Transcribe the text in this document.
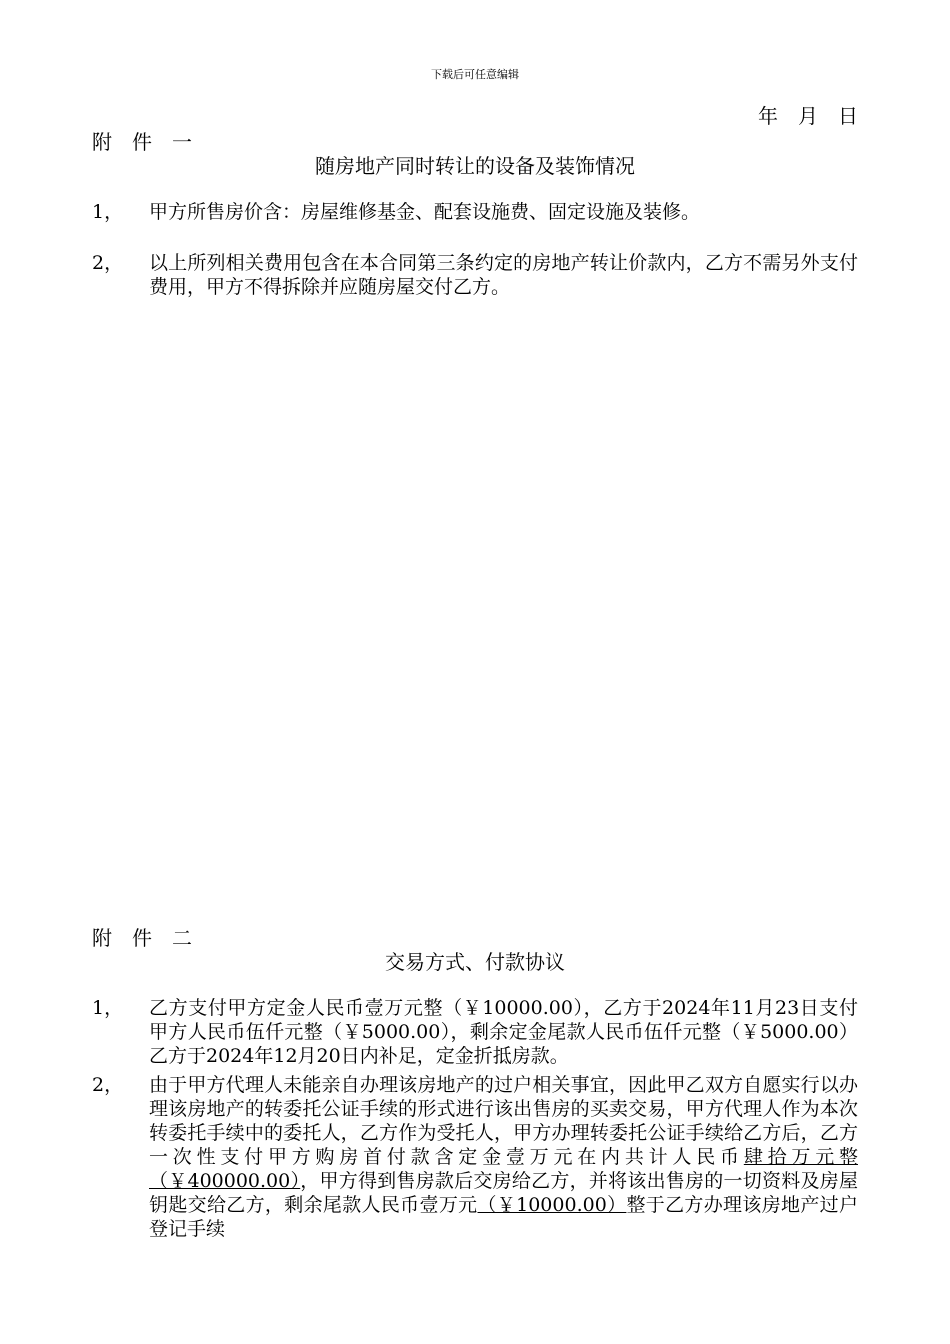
下载后可任意编辑
年　月　日
附 件 一
随房地产同时转让的设备及装饰情况
1，	甲方所售房价含：房屋维修基金、配套设施费、固定设施及装修。
2，	以上所列相关费用包含在本合同第三条约定的房地产转让价款内，乙方不需另外支付费用，甲方不得拆除并应随房屋交付乙方。
附 件 二
交易方式、付款协议
1，	乙方支付甲方定金人民币壹万元整（￥10000.00），乙方于2024年11月23日支付甲方人民币伍仟元整（￥5000.00），剩余定金尾款人民币伍仟元整（￥5000.00）乙方于2024年12月20日内补足，定金折抵房款。
2，	由于甲方代理人未能亲自办理该房地产的过户相关事宜，因此甲乙双方自愿实行以办理该房地产的转委托公证手续的形式进行该出售房的买卖交易，甲方代理人作为本次转委托手续中的委托人，乙方作为受托人，甲方办理转委托公证手续给乙方后，乙方一次性支付甲方购房首付款含定金壹万元在内共计人民币肆拾万元整（￥400000.00），甲方得到售房款后交房给乙方，并将该出售房的一切资料及房屋钥匙交给乙方，剩余尾款人民币壹万元（￥10000.00）整于乙方办理该房地产过户登记手续
